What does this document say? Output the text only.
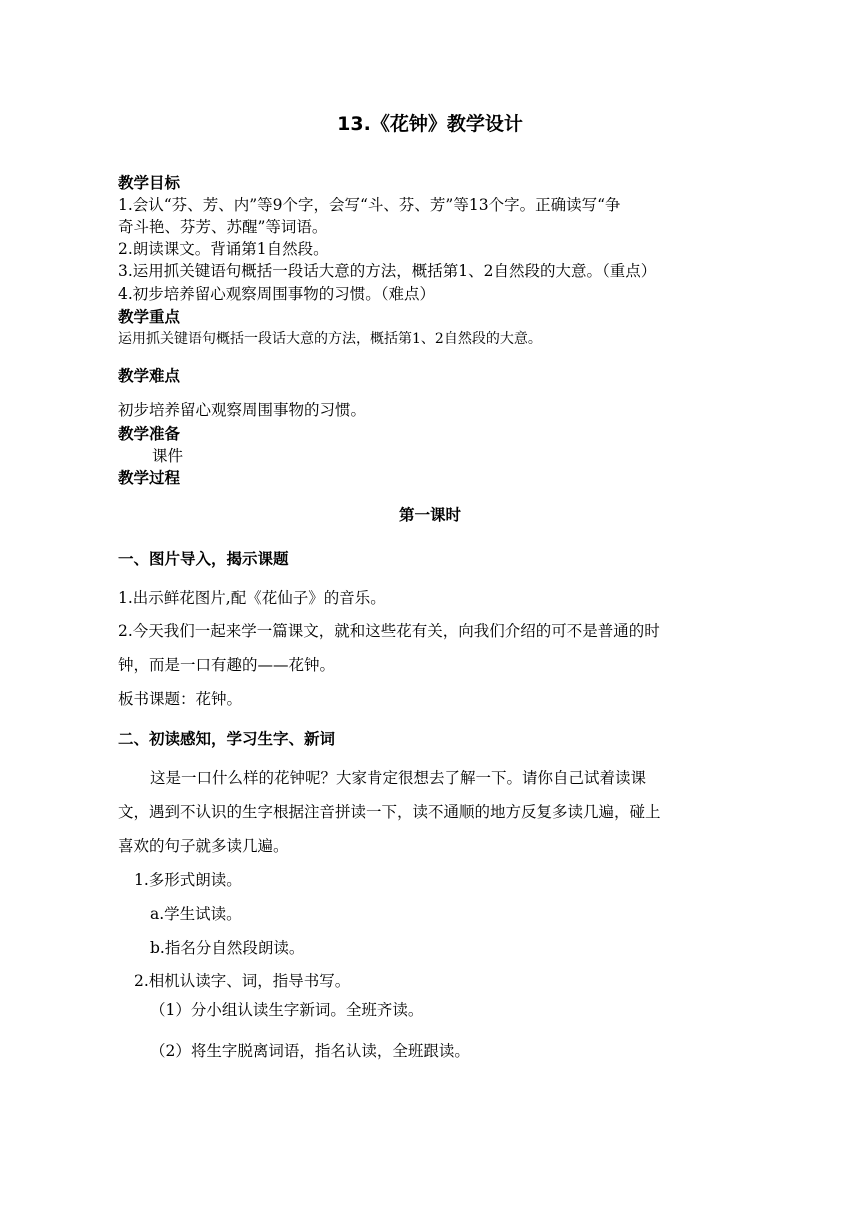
13.《花钟》教学设计
教学目标
1.会认“芬、芳、内”等9个字，会写“斗、芬、芳”等13个字。正确读写“争
奇斗艳、芬芳、苏醒”等词语。
2.朗读课文。背诵第1自然段。
3.运用抓关键语句概括一段话大意的方法，概括第1、2自然段的大意。（重点）
4.初步培养留心观察周围事物的习惯。（难点）
教学重点
运用抓关键语句概括一段话大意的方法，概括第1、2自然段的大意。
教学难点
初步培养留心观察周围事物的习惯。
教学准备
课件
教学过程
第一课时
一、图片导入，揭示课题
1.出示鲜花图片,配《花仙子》的音乐。
2.今天我们一起来学一篇课文，就和这些花有关，向我们介绍的可不是普通的时
钟，而是一口有趣的——花钟。
板书课题：花钟。
二、初读感知，学习生字、新词
这是一口什么样的花钟呢？大家肯定很想去了解一下。请你自己试着读课
文，遇到不认识的生字根据注音拼读一下，读不通顺的地方反复多读几遍，碰上
喜欢的句子就多读几遍。
1.多形式朗读。
a.学生试读。
b.指名分自然段朗读。
2.相机认读字、词，指导书写。
（1）分小组认读生字新词。全班齐读。
（2）将生字脱离词语，指名认读，全班跟读。
